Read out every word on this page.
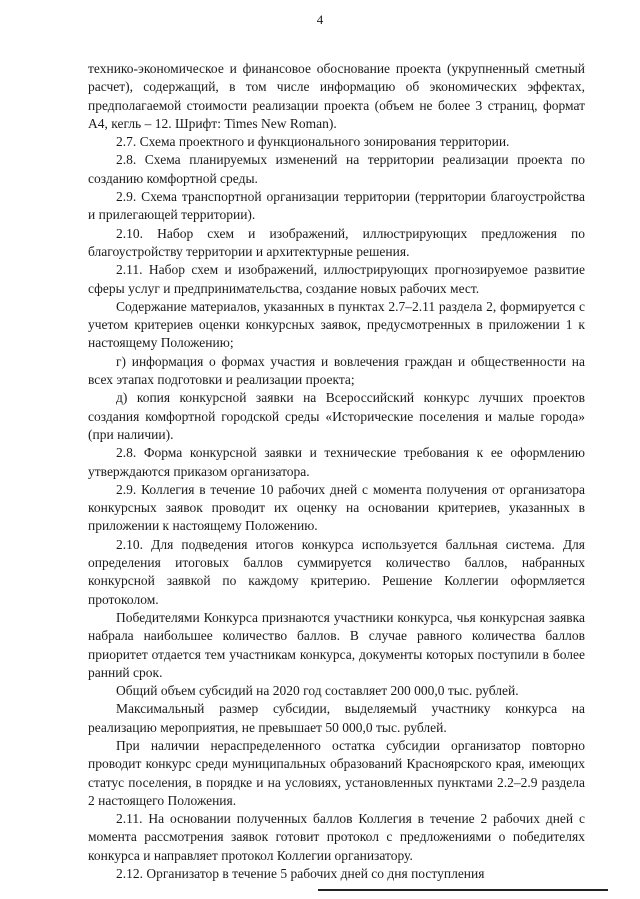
4

технико-экономическое и финансовое обоснование проекта (укрупненный сметный расчет), содержащий, в том числе информацию об экономических эффектах, предполагаемой стоимости реализации проекта (объем не более 3 страниц, формат А4, кегль – 12. Шрифт: Times New Roman).

2.7. Схема проектного и функционального зонирования территории.

2.8. Схема планируемых изменений на территории реализации проекта по созданию комфортной среды.

2.9. Схема транспортной организации территории (территории благоустройства и прилегающей территории).

2.10. Набор схем и изображений, иллюстрирующих предложения по благоустройству территории и архитектурные решения.

2.11. Набор схем и изображений, иллюстрирующих прогнозируемое развитие сферы услуг и предпринимательства, создание новых рабочих мест.

Содержание материалов, указанных в пунктах 2.7–2.11 раздела 2, формируется с учетом критериев оценки конкурсных заявок, предусмотренных в приложении 1 к настоящему Положению;

г) информация о формах участия и вовлечения граждан и общественности на всех этапах подготовки и реализации проекта;

д) копия конкурсной заявки на Всероссийский конкурс лучших проектов создания комфортной городской среды «Исторические поселения и малые города» (при наличии).

2.8. Форма конкурсной заявки и технические требования к ее оформлению утверждаются приказом организатора.

2.9. Коллегия в течение 10 рабочих дней с момента получения от организатора конкурсных заявок проводит их оценку на основании критериев, указанных в приложении к настоящему Положению.

2.10. Для подведения итогов конкурса используется балльная система. Для определения итоговых баллов суммируется количество баллов, набранных конкурсной заявкой по каждому критерию. Решение Коллегии оформляется протоколом.

Победителями Конкурса признаются участники конкурса, чья конкурсная заявка набрала наибольшее количество баллов. В случае равного количества баллов приоритет отдается тем участникам конкурса, документы которых поступили в более ранний срок.

Общий объем субсидий на 2020 год составляет 200 000,0 тыс. рублей.

Максимальный размер субсидии, выделяемый участнику конкурса на реализацию мероприятия, не превышает 50 000,0 тыс. рублей.

При наличии нераспределенного остатка субсидии организатор повторно проводит конкурс среди муниципальных образований Красноярского края, имеющих статус поселения, в порядке и на условиях, установленных пунктами 2.2–2.9 раздела 2 настоящего Положения.

2.11. На основании полученных баллов Коллегия в течение 2 рабочих дней с момента рассмотрения заявок готовит протокол с предложениями о победителях конкурса и направляет протокол Коллегии организатору.

2.12. Организатор в течение 5 рабочих дней со дня поступления
